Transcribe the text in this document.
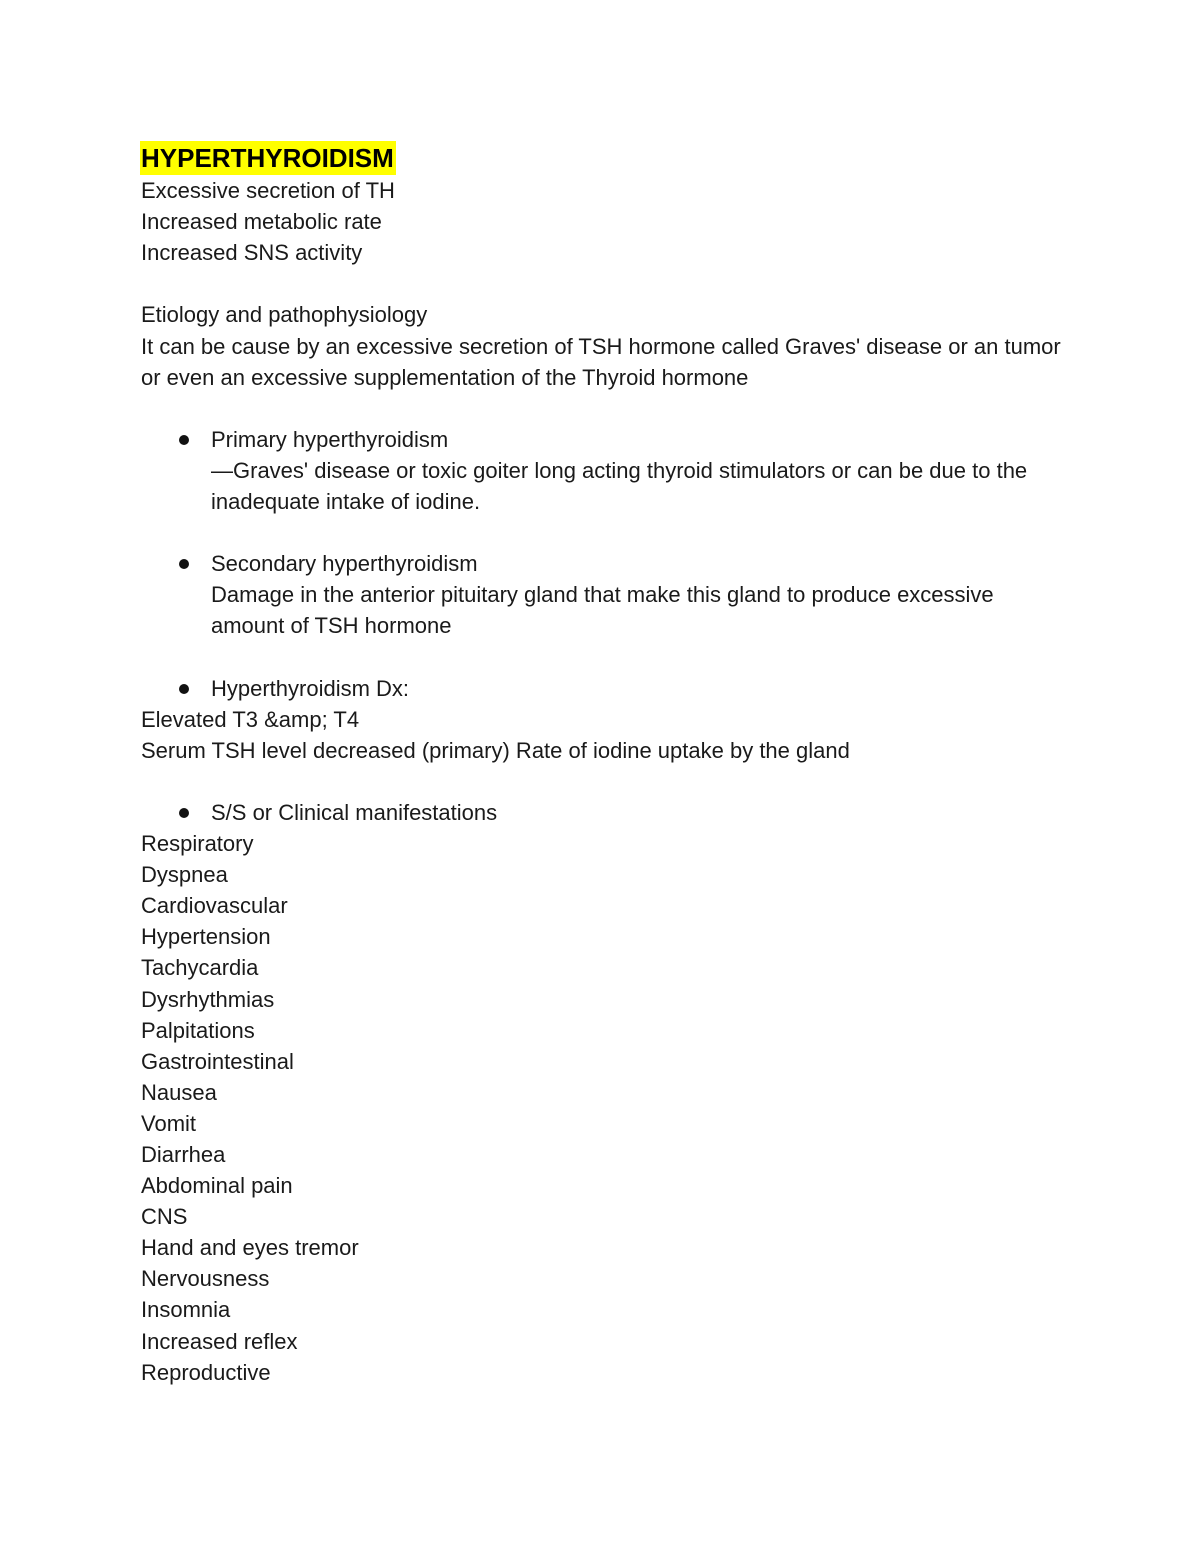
HYPERTHYROIDISM
Excessive secretion of TH
Increased metabolic rate
Increased SNS activity
Etiology and pathophysiology
It can be cause by an excessive secretion of TSH hormone called Graves' disease or an tumor or even an excessive supplementation of the Thyroid hormone
Primary hyperthyroidism
—Graves' disease or toxic goiter long acting thyroid stimulators or can be due to the inadequate intake of iodine.
Secondary hyperthyroidism
Damage in the anterior pituitary gland that make this gland to produce excessive amount of TSH hormone
Hyperthyroidism Dx:
Elevated T3 &amp; T4
Serum TSH level decreased (primary) Rate of iodine uptake by the gland
S/S or Clinical manifestations
Respiratory
Dyspnea
Cardiovascular
Hypertension
Tachycardia
Dysrhythmias
Palpitations
Gastrointestinal
Nausea
Vomit
Diarrhea
Abdominal pain
CNS
Hand and eyes tremor
Nervousness
Insomnia
Increased reflex
Reproductive
